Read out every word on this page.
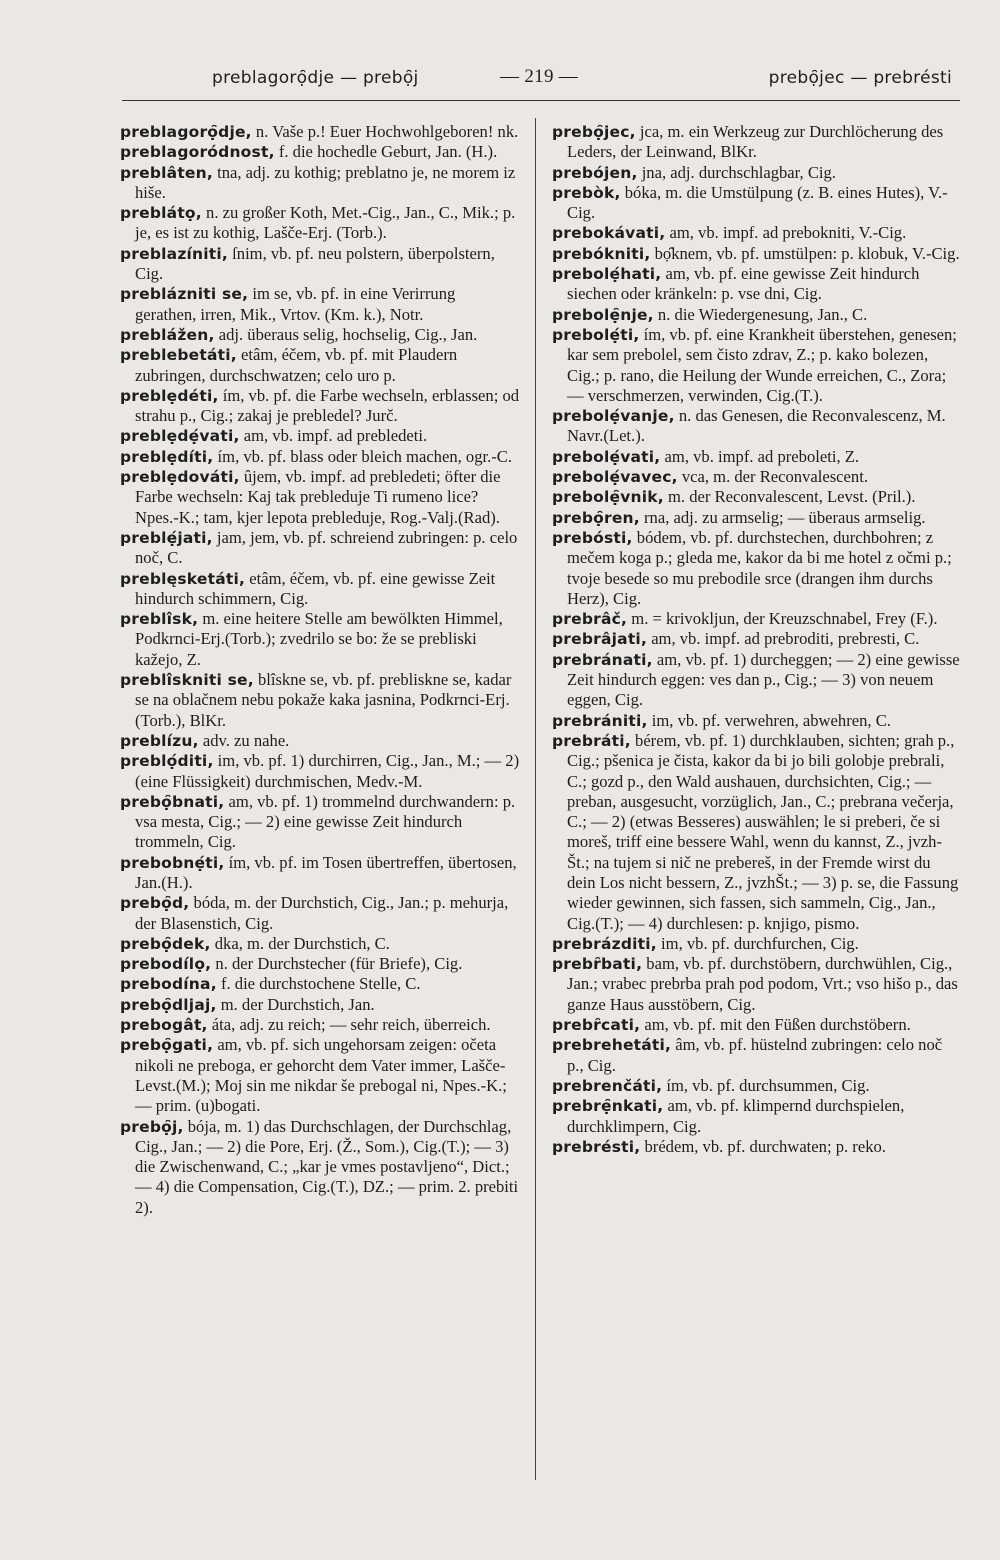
preblagorọ̑dje — prebọ̑j	— 219 —	prebọ̑jec — prebrésti
preblagorọ̑dje, n. Vaše p.! Euer Hochwohlgeboren! nk.
preblagoródnost, f. die hochedle Geburt, Jan. (H.).
preblâten, tna, adj. zu kothig; preblatno je, ne morem iz hiše.
preblátọ, n. zu großer Koth, Met.-Cig., Jan., C., Mik.; p. je, es ist zu kothig, Lašče-Erj. (Torb.).
preblazíniti, ſnim, vb. pf. neu polstern, überpolstern, Cig.
preblázniti se, im se, vb. pf. in eine Verirrung gerathen, irren, Mik., Vrtov. (Km. k.), Notr.
preblážen, adj. überaus selig, hochselig, Cig., Jan.
preblebetáti, etâm, éčem, vb. pf. mit Plaudern zubringen, durchschwatzen; celo uro p.
preblẹdéti, ím, vb. pf. die Farbe wechseln, erblassen; od strahu p., Cig.; zakaj je prebledel? Jurč.
preblẹdẹ́vati, am, vb. impf. ad prebledeti.
preblẹdíti, ím, vb. pf. blass oder bleich machen, ogr.-C.
preblẹdováti, ûjem, vb. impf. ad prebledeti; öfter die Farbe wechseln: Kaj tak prebleduje Ti rumeno lice? Npes.-K.; tam, kjer lepota prebleduje, Rog.-Valj.(Rad).
preblẹ́jati, jam, jem, vb. pf. schreiend zubringen: p. celo noč, C.
preblęsketáti, etâm, éčem, vb. pf. eine gewisse Zeit hindurch schimmern, Cig.
preblîsk, m. eine heitere Stelle am bewölkten Himmel, Podkrnci-Erj.(Torb.); zvedrilo se bo: že se prebliski kažejo, Z.
preblîskniti se, blîskne se, vb. pf. prebliskne se, kadar se na oblačnem nebu pokaže kaka jasnina, Podkrnci-Erj.(Torb.), BlKr.
preblízu, adv. zu nahe.
preblọ́diti, im, vb. pf. 1) durchirren, Cig., Jan., M.; — 2) (eine Flüssigkeit) durchmischen, Medv.-M.
prebọ̑bnati, am, vb. pf. 1) trommelnd durchwandern: p. vsa mesta, Cig.; — 2) eine gewisse Zeit hindurch trommeln, Cig.
prebobnẹ́ti, ím, vb. pf. im Tosen übertreffen, übertosen, Jan.(H.).
prebọ̑d, bóda, m. der Durchstich, Cig., Jan.; p. mehurja, der Blasenstich, Cig.
prebọ̑dek, dka, m. der Durchstich, C.
prebodílọ, n. der Durchstecher (für Briefe), Cig.
prebodína, f. die durchstochene Stelle, C.
prebọ̑dljaj, m. der Durchstich, Jan.
prebogât, áta, adj. zu reich; — sehr reich, überreich.
prebọ̑gati, am, vb. pf. sich ungehorsam zeigen: očeta nikoli ne preboga, er gehorcht dem Vater immer, Lašče-Levst.(M.); Moj sin me nikdar še prebogal ni, Npes.-K.; — prim. (u)bogati.
prebọ̑j, bója, m. 1) das Durchschlagen, der Durchschlag, Cig., Jan.; — 2) die Pore, Erj. (Ž., Som.), Cig.(T.); — 3) die Zwischenwand, C.; „kar je vmes postavljeno“, Dict.; — 4) die Compensation, Cig.(T.), DZ.; — prim. 2. prebiti 2).
prebọ̑jec, jca, m. ein Werkzeug zur Durchlöcherung des Leders, der Leinwand, BlKr.
prebójen, jna, adj. durchschlagbar, Cig.
prebòk, bóka, m. die Umstülpung (z. B. eines Hutes), V.-Cig.
prebokávati, am, vb. impf. ad prebokniti, V.-Cig.
prebókniti, bọ̑knem, vb. pf. umstülpen: p. klobuk, V.-Cig.
prebolẹ́hati, am, vb. pf. eine gewisse Zeit hindurch siechen oder kränkeln: p. vse dni, Cig.
prebolẹ̑nje, n. die Wiedergenesung, Jan., C.
prebolẹ́ti, ím, vb. pf. eine Krankheit überstehen, genesen; kar sem prebolel, sem čisto zdrav, Z.; p. kako bolezen, Cig.; p. rano, die Heilung der Wunde erreichen, C., Zora; — verschmerzen, verwinden, Cig.(T.).
prebolẹ́vanje, n. das Genesen, die Reconvalescenz, M. Navr.(Let.).
prebolẹ́vati, am, vb. impf. ad preboleti, Z.
prebolẹ́vavec, vca, m. der Reconvalescent.
prebolẹ̑vnik, m. der Reconvalescent, Levst. (Pril.).
prebọ̑ren, rna, adj. zu armselig; — überaus armselig.
prebósti, bódem, vb. pf. durchstechen, durchbohren; z mečem koga p.; gleda me, kakor da bi me hotel z očmi p.; tvoje besede so mu prebodile srce (drangen ihm durchs Herz), Cig.
prebrâč, m. = krivokljun, der Kreuzschnabel, Frey (F.).
prebrâjati, am, vb. impf. ad prebroditi, prebresti, C.
prebránati, am, vb. pf. 1) durcheggen; — 2) eine gewisse Zeit hindurch eggen: ves dan p., Cig.; — 3) von neuem eggen, Cig.
prebrániti, im, vb. pf. verwehren, abwehren, C.
prebráti, bérem, vb. pf. 1) durchklauben, sichten; grah p., Cig.; pšenica je čista, kakor da bi jo bili golobje prebrali, C.; gozd p., den Wald aushauen, durchsichten, Cig.; — preban, ausgesucht, vorzüglich, Jan., C.; prebrana večerja, C.; — 2) (etwas Besseres) auswählen; le si preberi, če si moreš, triff eine bessere Wahl, wenn du kannst, Z., jvzh-Št.; na tujem si nič ne prebereš, in der Fremde wirst du dein Los nicht bessern, Z., jvzhŠt.; — 3) p. se, die Fassung wieder gewinnen, sich fassen, sich sammeln, Cig., Jan., Cig.(T.); — 4) durchlesen: p. knjigo, pismo.
prebrázditi, im, vb. pf. durchfurchen, Cig.
prebȓbati, bam, vb. pf. durchstöbern, durchwühlen, Cig., Jan.; vrabec prebrba prah pod podom, Vrt.; vso hišo p., das ganze Haus ausstöbern, Cig.
prebȓcati, am, vb. pf. mit den Füßen durchstöbern.
prebrehetáti, âm, vb. pf. hüstelnd zubringen: celo noč p., Cig.
prebrenčáti, ím, vb. pf. durchsummen, Cig.
prebrẹ̑nkati, am, vb. pf. klimpernd durchspielen, durchklimpern, Cig.
prebrésti, brédem, vb. pf. durchwaten; p. reko.
